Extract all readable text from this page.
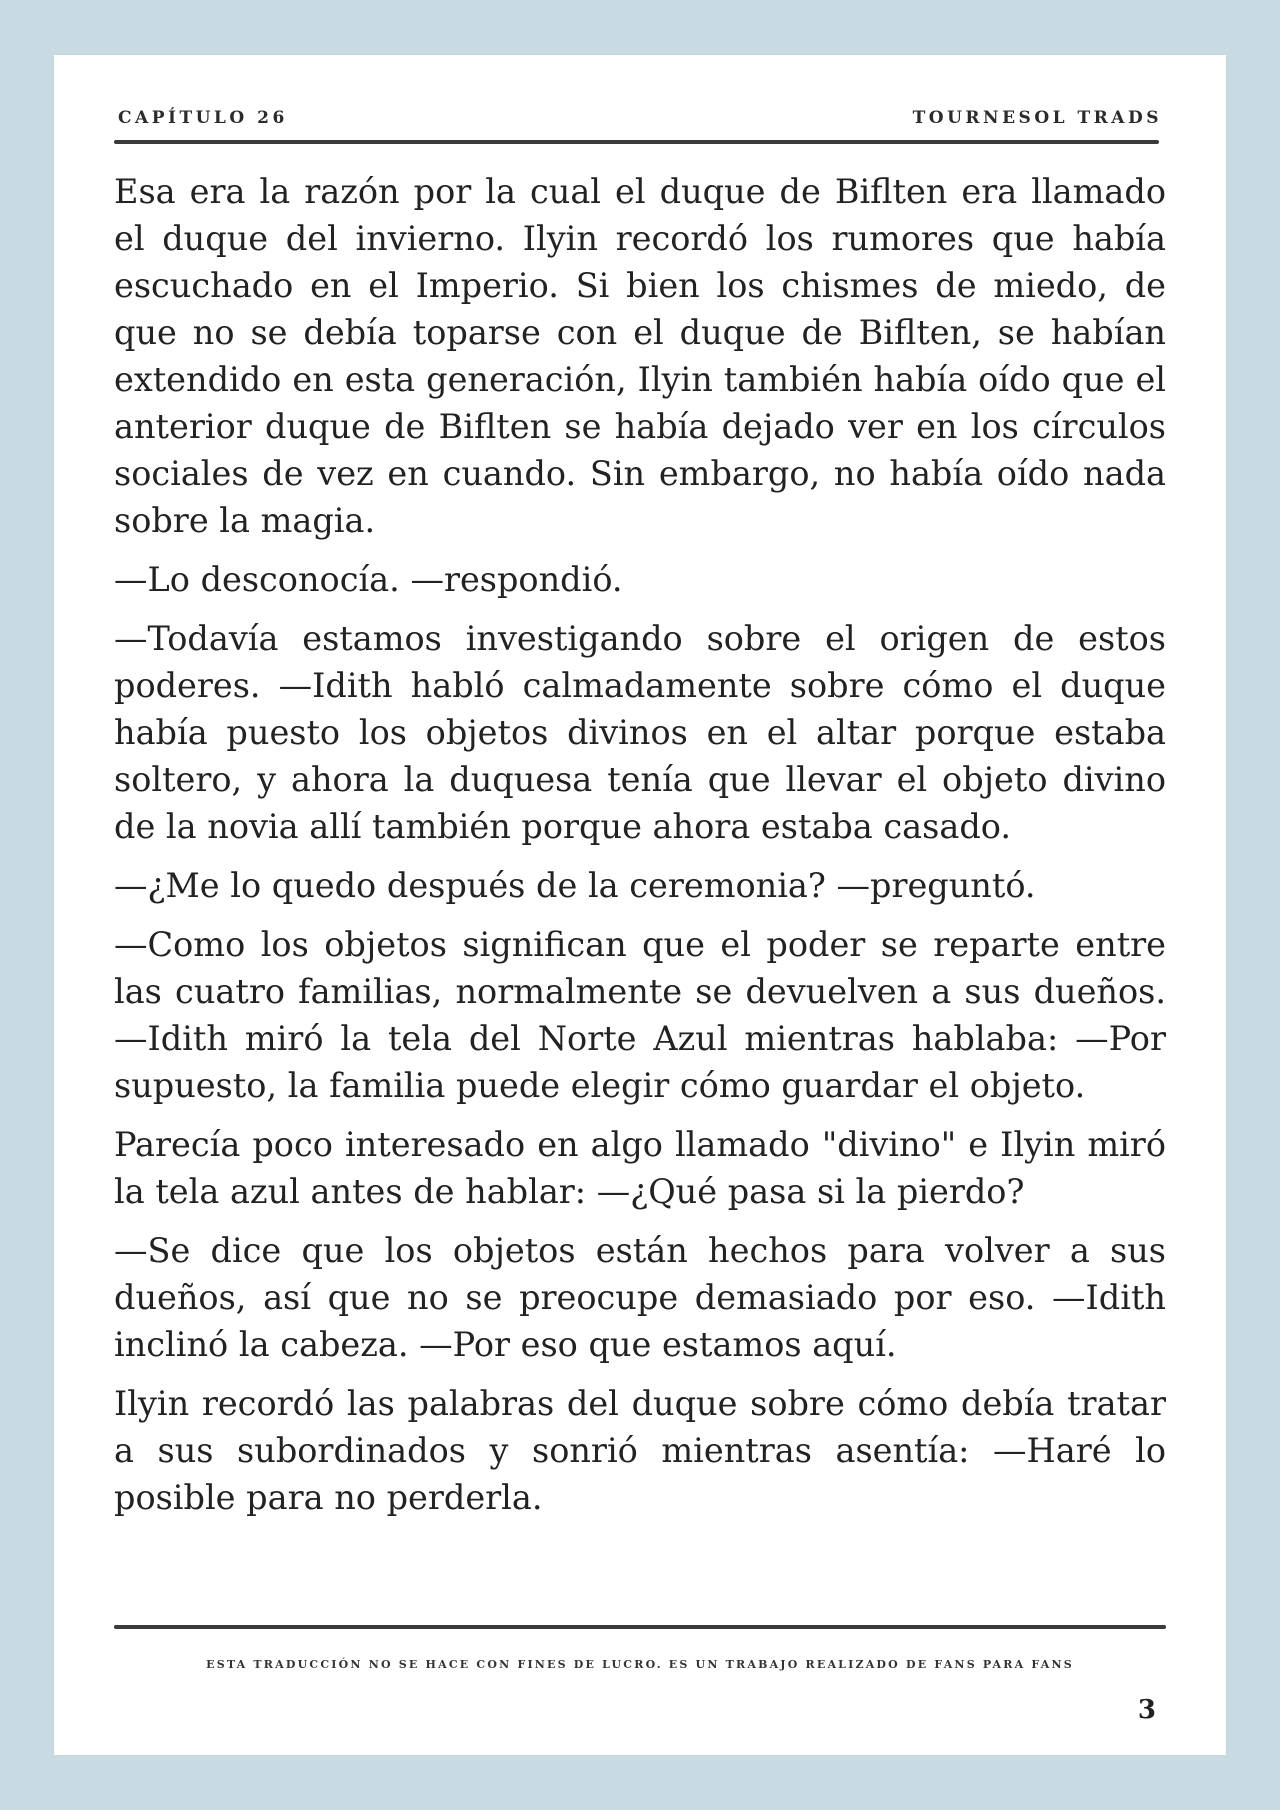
CAPÍTULO 26	TOURNESOL TRADS

Esa era la razón por la cual el duque de Biflten era llamado el duque del invierno. Ilyin recordó los rumores que había escuchado en el Imperio. Si bien los chismes de miedo, de que no se debía toparse con el duque de Biflten, se habían extendido en esta generación, Ilyin también había oído que el anterior duque de Biflten se había dejado ver en los círculos sociales de vez en cuando. Sin embargo, no había oído nada sobre la magia.

—Lo desconocía. —respondió.

—Todavía estamos investigando sobre el origen de estos poderes. —Idith habló calmadamente sobre cómo el duque había puesto los objetos divinos en el altar porque estaba soltero, y ahora la duquesa tenía que llevar el objeto divino de la novia allí también porque ahora estaba casado.

—¿Me lo quedo después de la ceremonia? —preguntó.

—Como los objetos significan que el poder se reparte entre las cuatro familias, normalmente se devuelven a sus dueños. —Idith miró la tela del Norte Azul mientras hablaba: —Por supuesto, la familia puede elegir cómo guardar el objeto.

Parecía poco interesado en algo llamado "divino" e Ilyin miró la tela azul antes de hablar: —¿Qué pasa si la pierdo?

—Se dice que los objetos están hechos para volver a sus dueños, así que no se preocupe demasiado por eso. —Idith inclinó la cabeza. —Por eso que estamos aquí.

Ilyin recordó las palabras del duque sobre cómo debía tratar a sus subordinados y sonrió mientras asentía: —Haré lo posible para no perderla.

ESTA TRADUCCIÓN NO SE HACE CON FINES DE LUCRO. ES UN TRABAJO REALIZADO DE FANS PARA FANS
3
